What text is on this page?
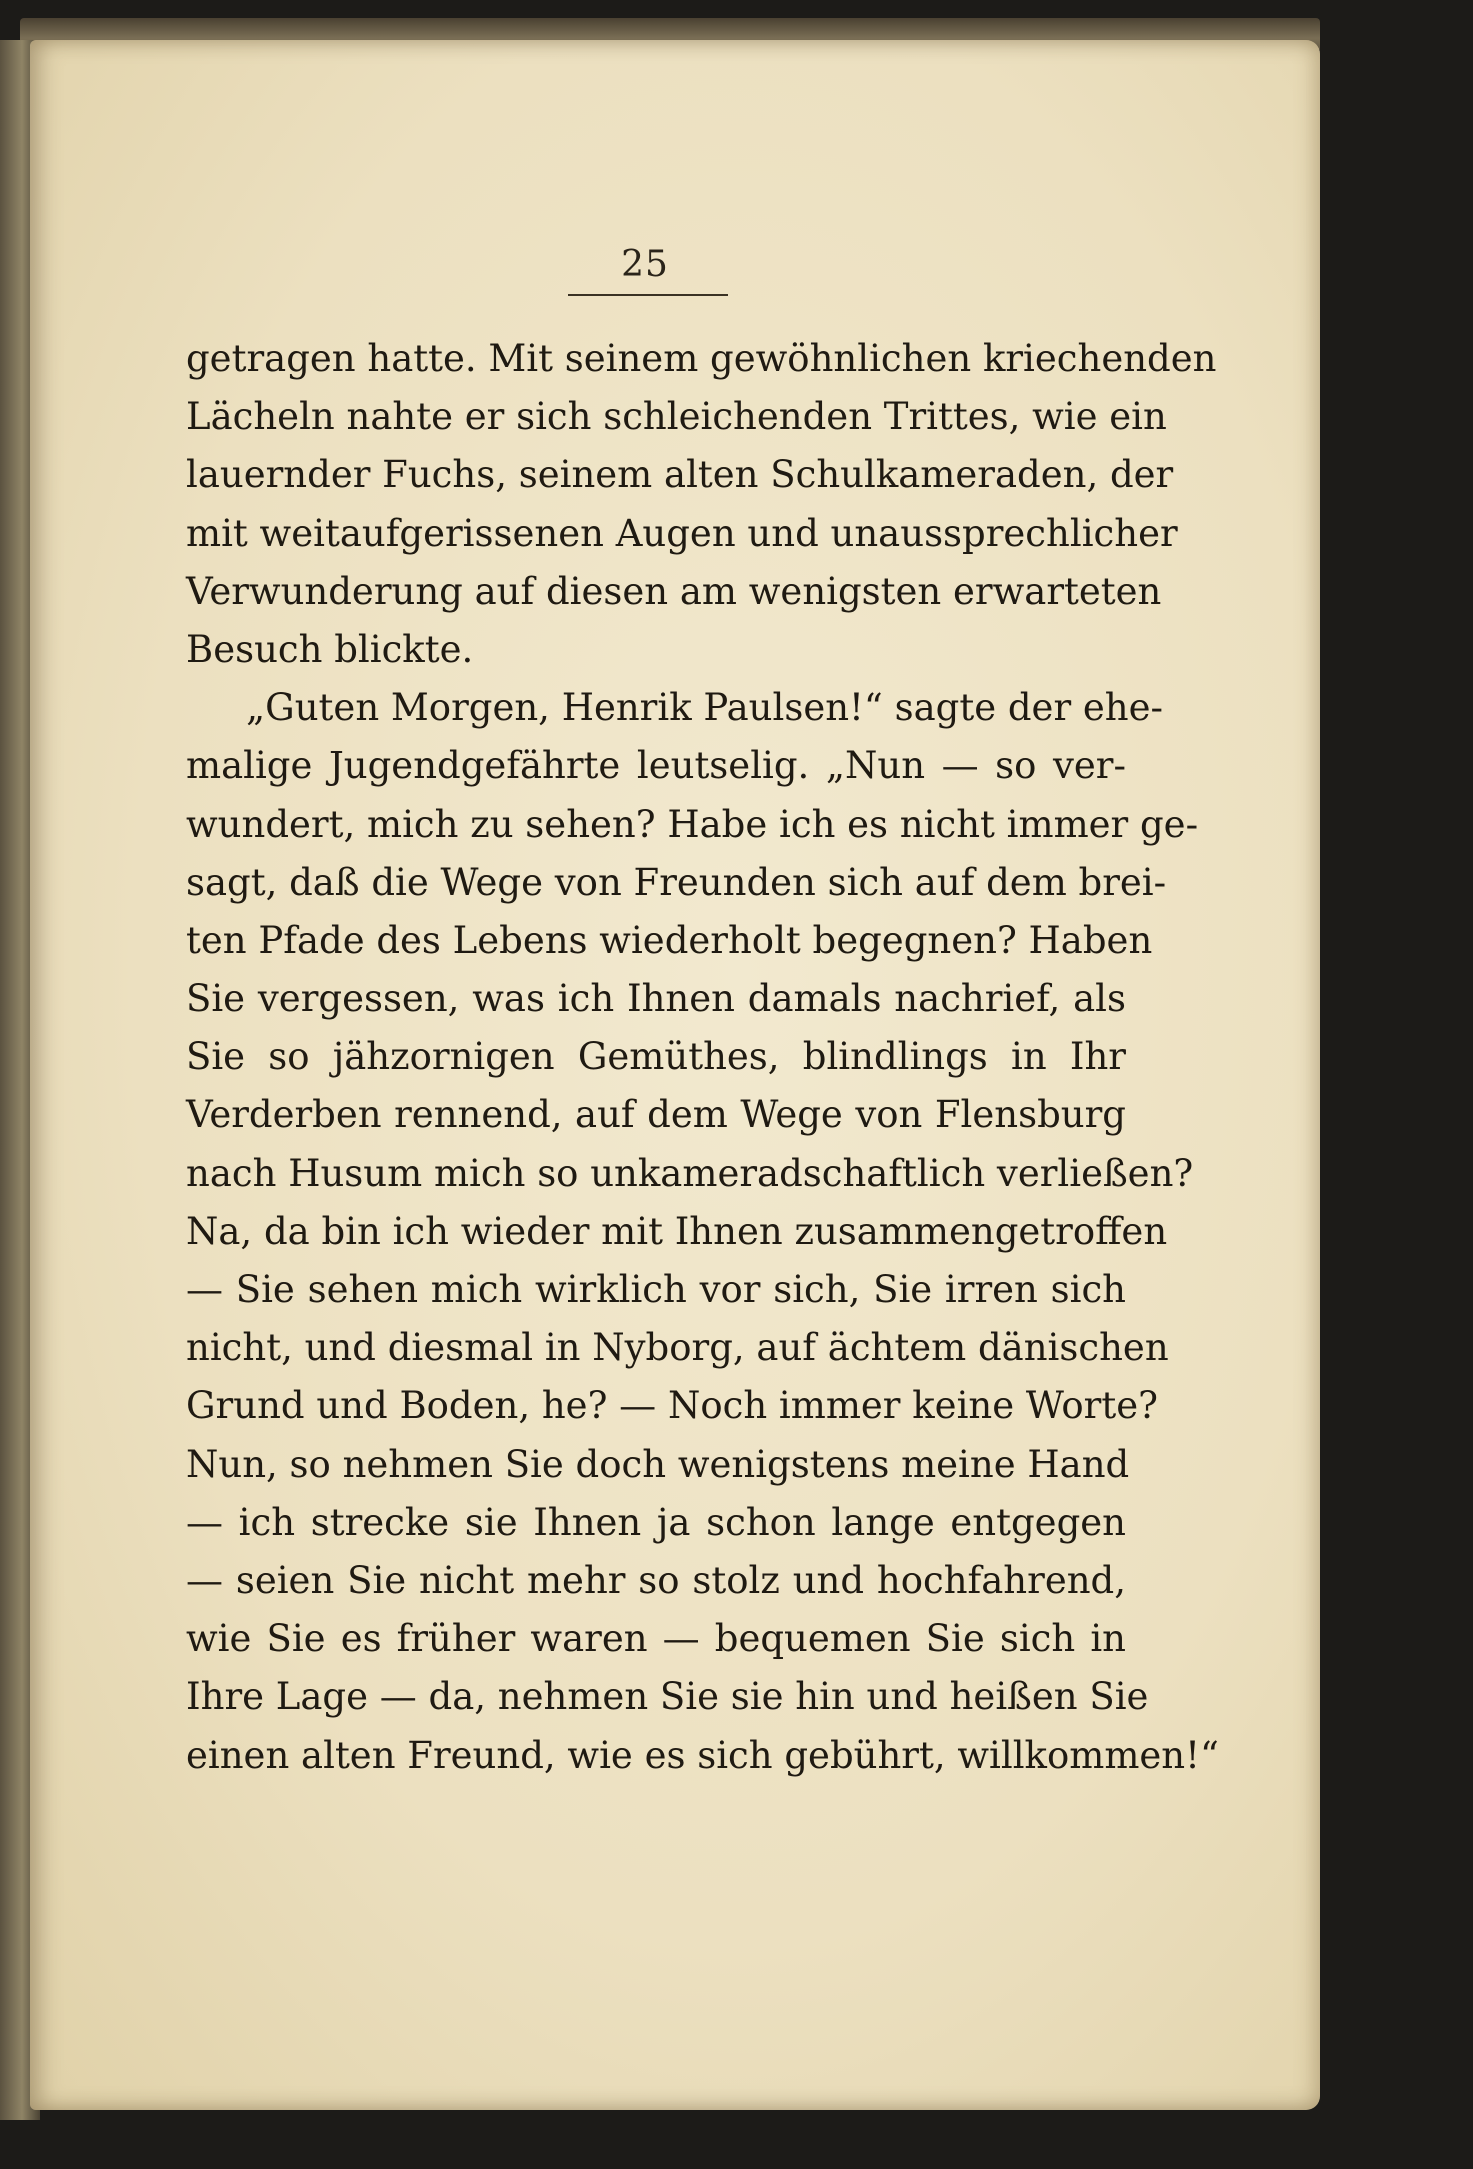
25
getragen hatte. Mit seinem gewöhnlichen kriechenden
Lächeln nahte er sich schleichenden Trittes, wie ein
lauernder Fuchs, seinem alten Schulkameraden, der
mit weitaufgerissenen Augen und unaussprechlicher
Verwunderung auf diesen am wenigsten erwarteten
Besuch blickte.
„Guten Morgen, Henrik Paulsen!“ sagte der ehe-
malige Jugendgefährte leutselig. „Nun — so ver-
wundert, mich zu sehen? Habe ich es nicht immer ge-
sagt, daß die Wege von Freunden sich auf dem brei-
ten Pfade des Lebens wiederholt begegnen? Haben
Sie vergessen, was ich Ihnen damals nachrief, als
Sie so jähzornigen Gemüthes, blindlings in Ihr
Verderben rennend, auf dem Wege von Flensburg
nach Husum mich so unkameradschaftlich verließen?
Na, da bin ich wieder mit Ihnen zusammengetroffen
— Sie sehen mich wirklich vor sich, Sie irren sich
nicht, und diesmal in Nyborg, auf ächtem dänischen
Grund und Boden, he? — Noch immer keine Worte?
Nun, so nehmen Sie doch wenigstens meine Hand
— ich strecke sie Ihnen ja schon lange entgegen
— seien Sie nicht mehr so stolz und hochfahrend,
wie Sie es früher waren — bequemen Sie sich in
Ihre Lage — da, nehmen Sie sie hin und heißen Sie
einen alten Freund, wie es sich gebührt, willkommen!“
